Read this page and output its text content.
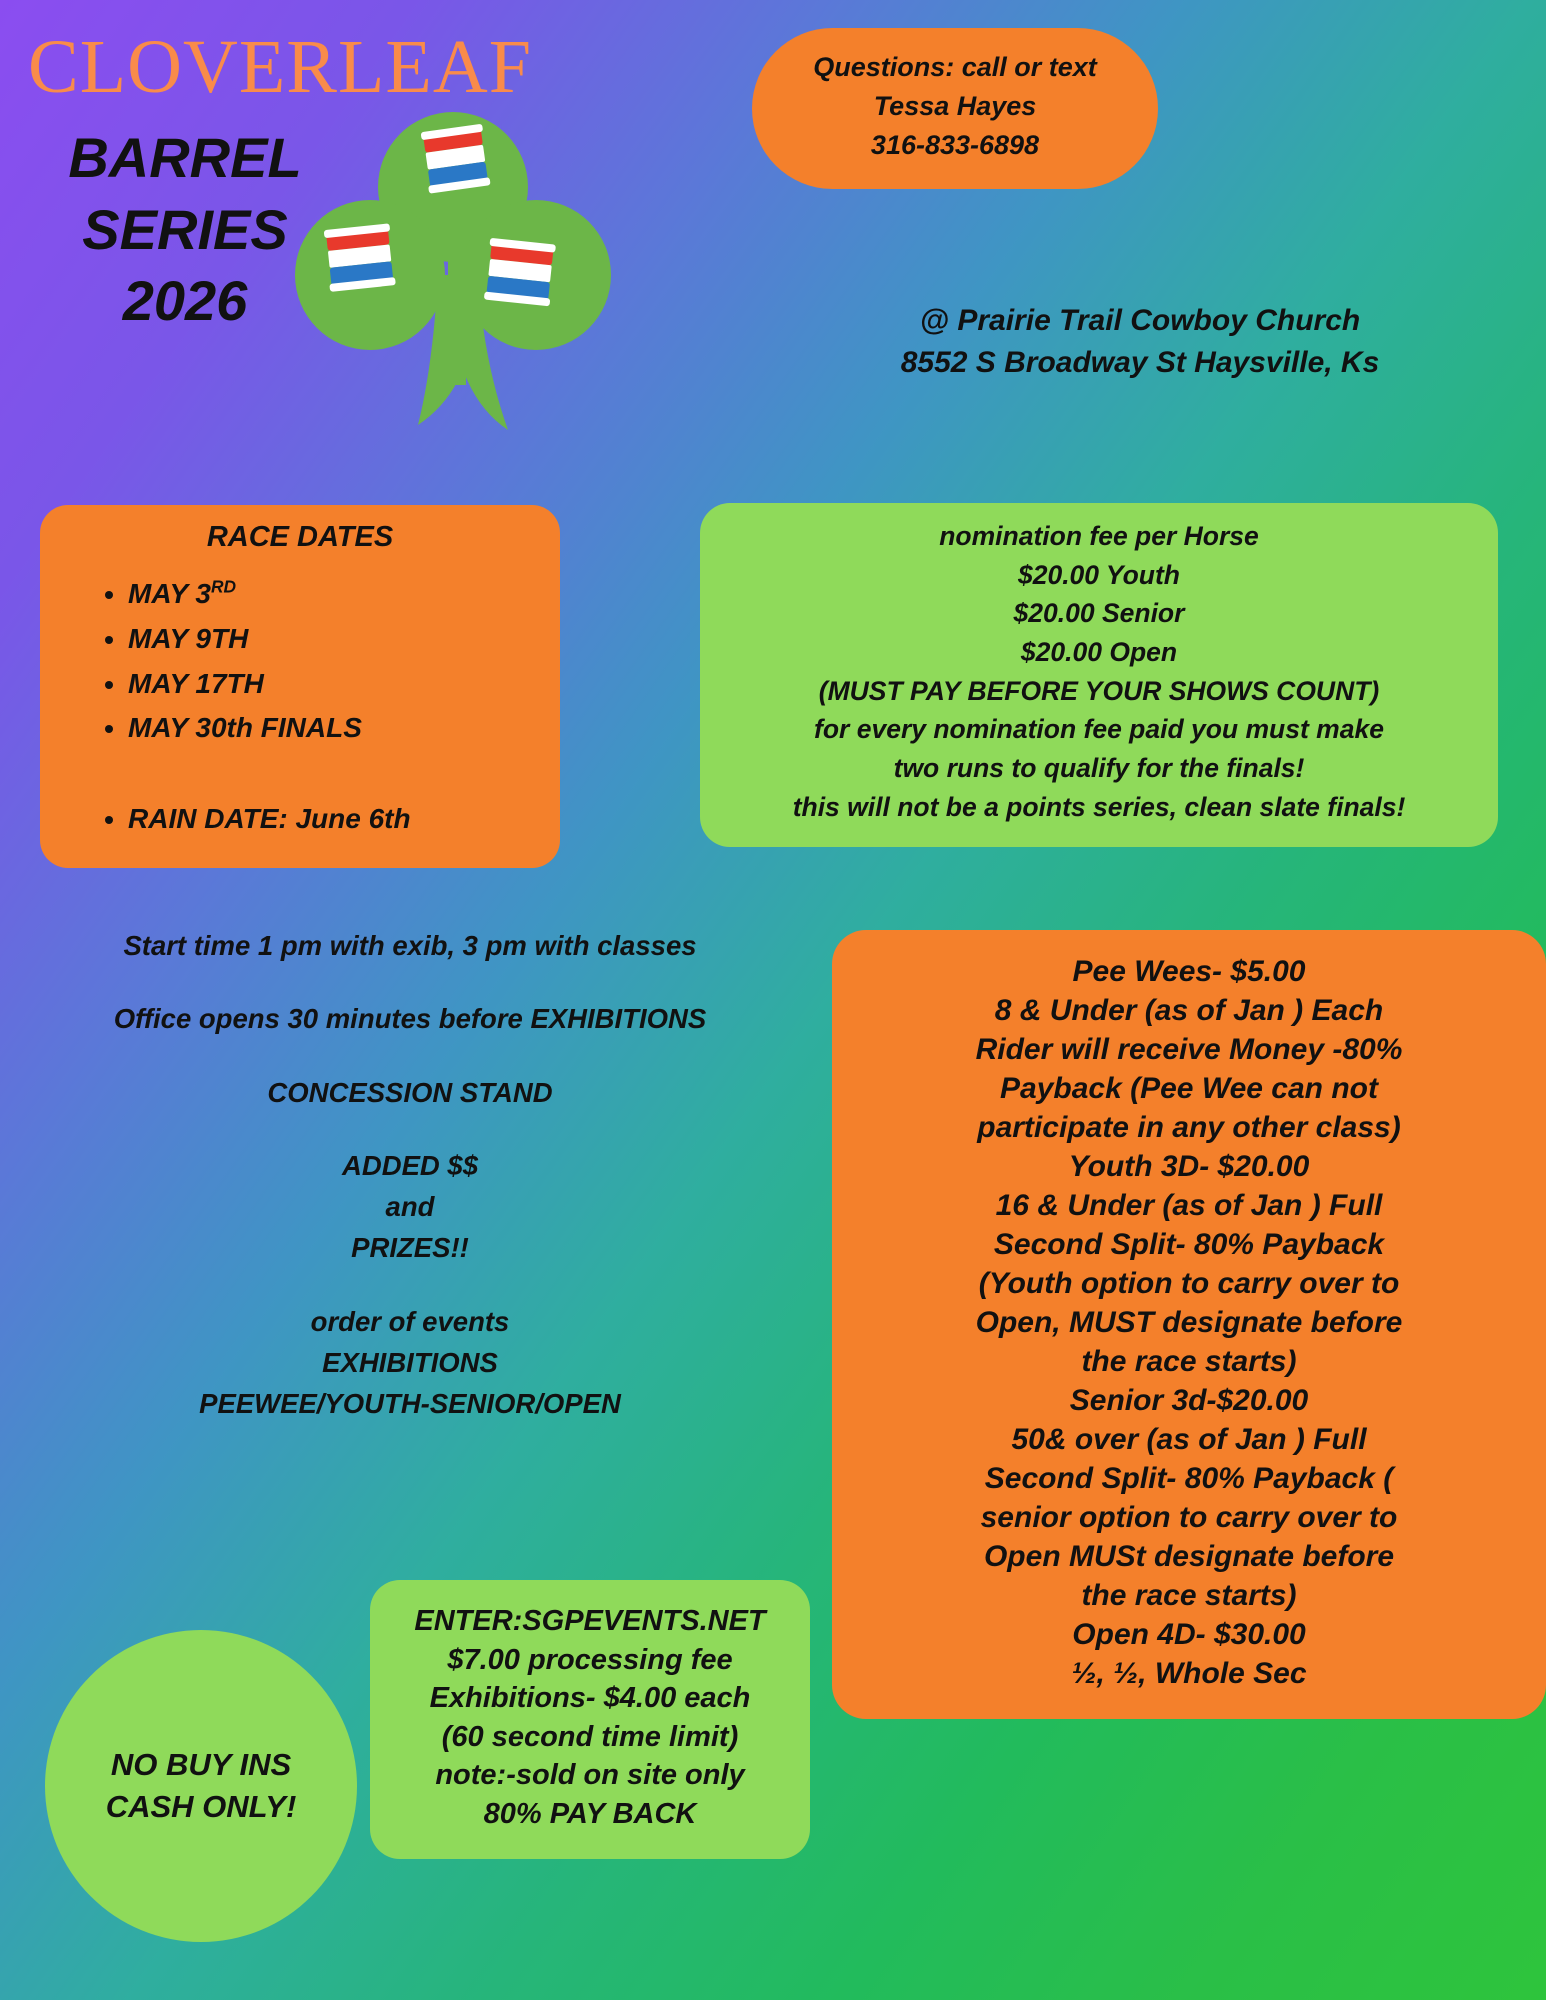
CLOVERLEAF
BARREL
SERIES
2026
Questions: call or text
Tessa Hayes
316-833-6898
@ Prairie Trail Cowboy Church
8552 S Broadway St Haysville, Ks
RACE DATES
• MAY 3RD
• MAY 9TH
• MAY 17TH
• MAY 30th FINALS
• RAIN DATE: June 6th
nomination fee per Horse
$20.00 Youth
$20.00 Senior
$20.00 Open
(MUST PAY BEFORE YOUR SHOWS COUNT)
for every nomination fee paid you must make
two runs to qualify for the finals!
this will not be a points series, clean slate finals!

Start time 1 pm with exib, 3 pm with classes

Office opens 30 minutes before EXHIBITIONS

CONCESSION STAND

ADDED $$

and

PRIZES!!

order of events

EXHIBITIONS

PEEWEE/YOUTH-SENIOR/OPEN

Pee Wees- $5.00
8 & Under (as of Jan ) Each
Rider will receive Money -80%
Payback (Pee Wee can not
participate in any other class)
Youth 3D- $20.00
16 & Under (as of Jan ) Full
Second Split- 80% Payback
(Youth option to carry over to
Open, MUST designate before
the race starts)
Senior 3d-$20.00
50& over (as of Jan ) Full
Second Split- 80% Payback (
senior option to carry over to
Open MUSt designate before
the race starts)
Open 4D- $30.00
½, ½, Whole Sec
NO BUY INS
CASH ONLY!
ENTER:SGPEVENTS.NET
$7.00 processing fee
Exhibitions- $4.00 each
(60 second time limit)
note:-sold on site only
80% PAY BACK
